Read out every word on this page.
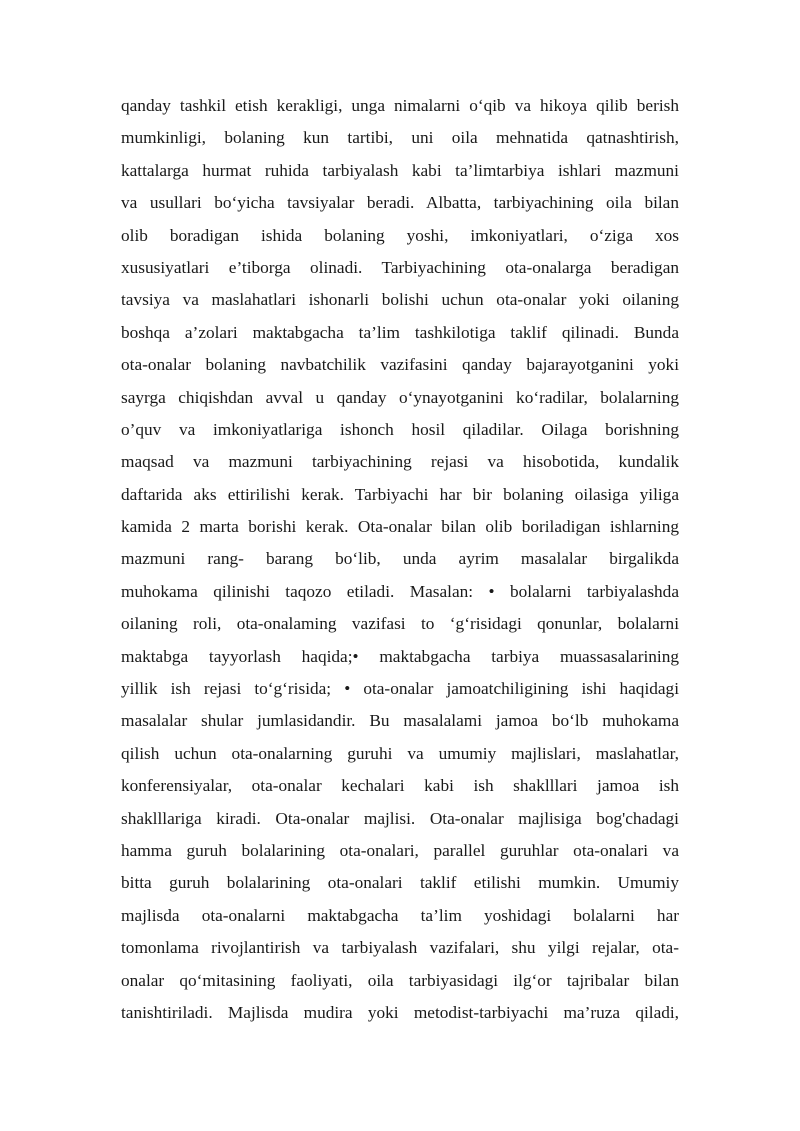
qanday tashkil etish kerakligi, unga nimalarni o‘qib va hikoya qilib berish
mumkinligi, bolaning kun tartibi, uni oila mehnatida qatnashtirish,
kattalarga hurmat ruhida tarbiyalash kabi ta’limtarbiya ishlari mazmuni
va usullari bo‘yicha tavsiyalar beradi. Albatta, tarbiyachining oila bilan
olib boradigan ishida bolaning yoshi, imkoniyatlari, o‘ziga xos
xususiyatlari e’tiborga olinadi. Tarbiyachining ota-onalarga beradigan
tavsiya va maslahatlari ishonarli bolishi uchun ota-onalar yoki oilaning
boshqa a’zolari maktabgacha ta’lim tashkilotiga taklif qilinadi. Bunda
ota-onalar bolaning navbatchilik vazifasini qanday bajarayotganini yoki
sayrga chiqishdan avval u qanday o‘ynayotganini ko‘radilar, bolalarning
o’quv va imkoniyatlariga ishonch hosil qiladilar. Oilaga borishning
maqsad va mazmuni tarbiyachining rejasi va hisobotida, kundalik
daftarida aks ettirilishi kerak. Tarbiyachi har bir bolaning oilasiga yiliga
kamida 2 marta borishi kerak. Ota-onalar bilan olib boriladigan ishlarning
mazmuni rang- barang bo‘lib, unda ayrim masalalar birgalikda
muhokama qilinishi taqozo etiladi. Masalan: • bolalarni tarbiyalashda
oilaning roli, ota-onalaming vazifasi to ‘g‘risidagi qonunlar, bolalarni
maktabga tayyorlash haqida;• maktabgacha tarbiya muassasalarining
yillik ish rejasi to‘g‘risida; • ota-onalar jamoatchiligining ishi haqidagi
masalalar shular jumlasidandir. Bu masalalami jamoa bo‘lb muhokama
qilish uchun ota-onalarning guruhi va umumiy majlislari, maslahatlar,
konferensiyalar, ota-onalar kechalari kabi ish shaklllari jamoa ish
shaklllariga kiradi. Ota-onalar majlisi. Ota-onalar majlisiga bog'chadagi
hamma guruh bolalarining ota-onalari, parallel guruhlar ota-onalari va
bitta guruh bolalarining ota-onalari taklif etilishi mumkin. Umumiy
majlisda ota-onalarni maktabgacha ta’lim yoshidagi bolalarni har
tomonlama rivojlantirish va tarbiyalash vazifalari, shu yilgi rejalar, ota-
onalar qo‘mitasining faoliyati, oila tarbiyasidagi ilg‘or tajribalar bilan
tanishtiriladi. Majlisda mudira yoki metodist-tarbiyachi ma’ruza qiladi,
